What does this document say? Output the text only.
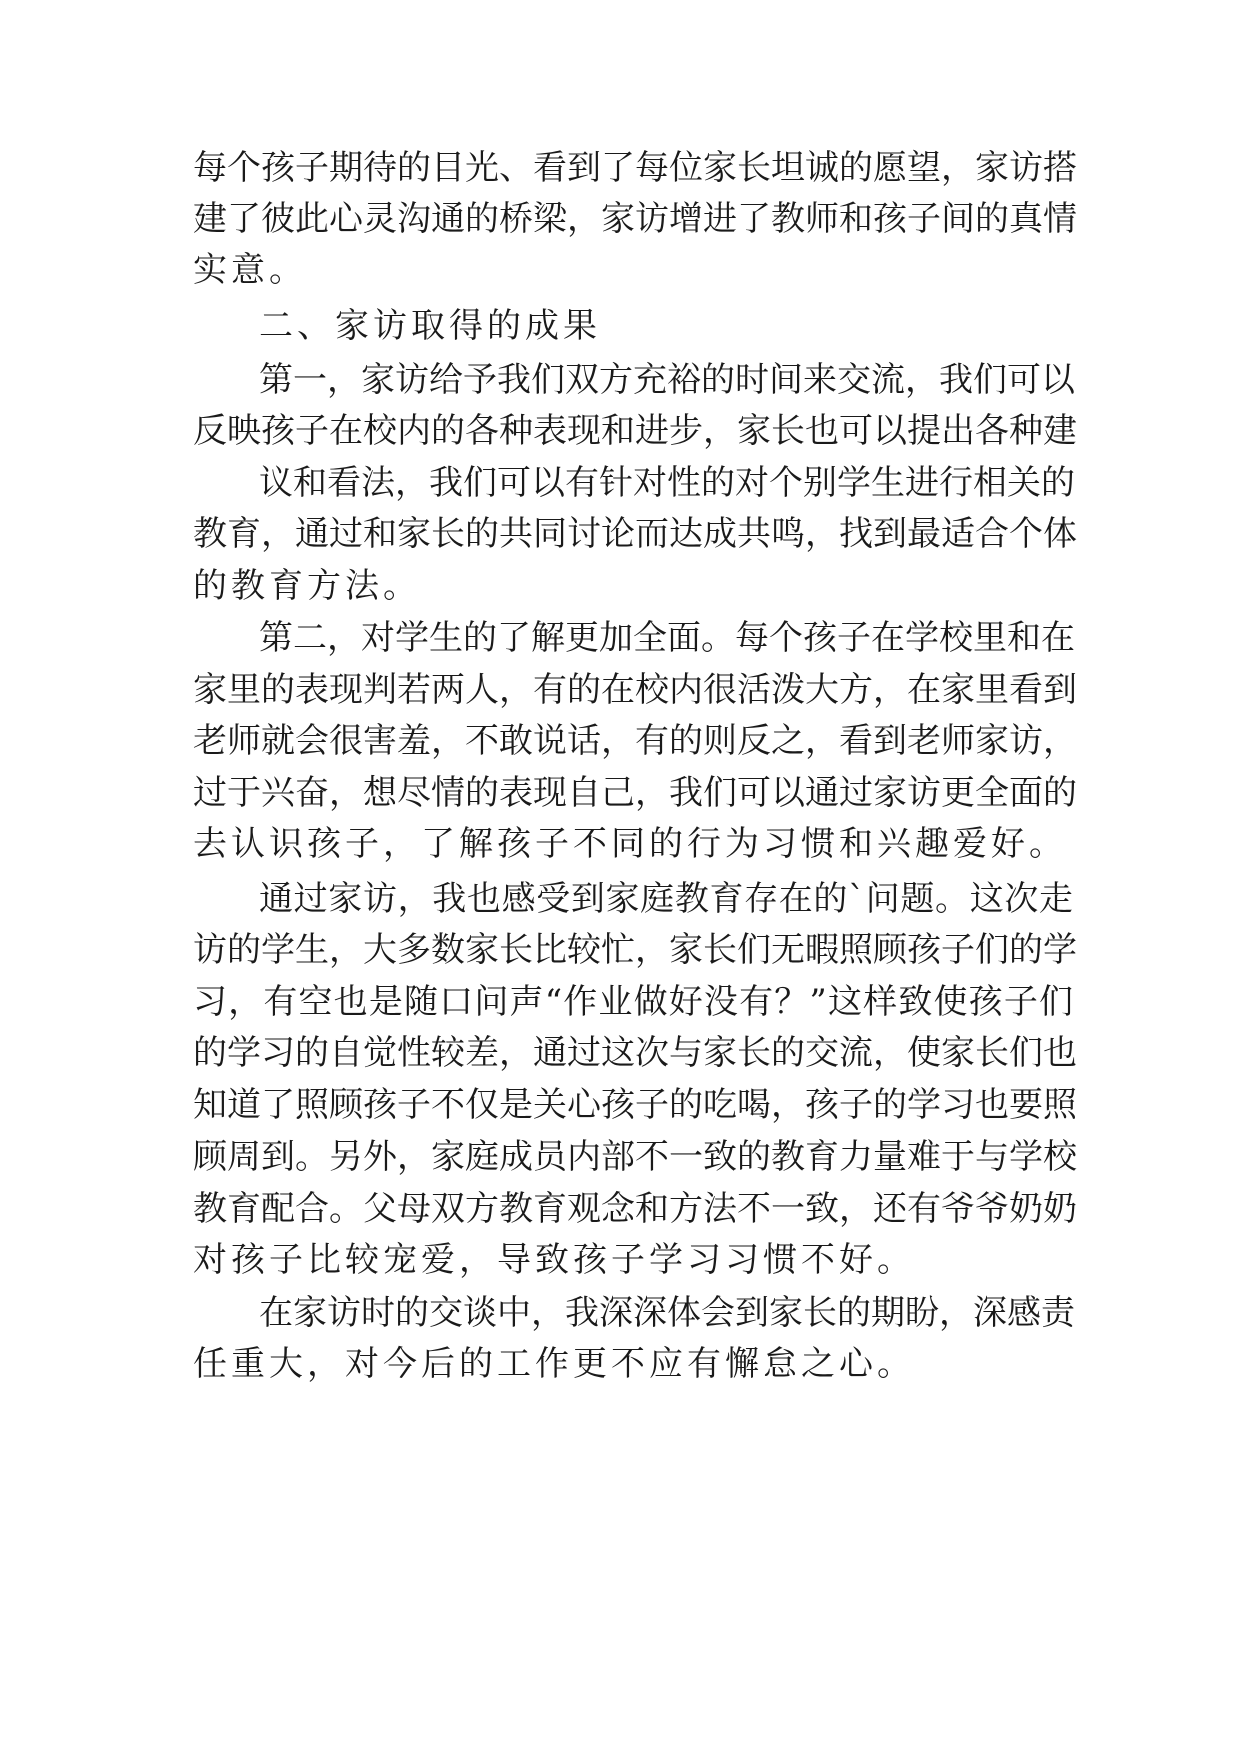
每个孩子期待的目光、看到了每位家长坦诚的愿望，家访搭
建了彼此心灵沟通的桥梁，家访增进了教师和孩子间的真情
实意。
二、家访取得的成果
第一，家访给予我们双方充裕的时间来交流，我们可以
反映孩子在校内的各种表现和进步，家长也可以提出各种建
议和看法，我们可以有针对性的对个别学生进行相关的
教育，通过和家长的共同讨论而达成共鸣，找到最适合个体
的教育方法。
第二，对学生的了解更加全面。每个孩子在学校里和在
家里的表现判若两人，有的在校内很活泼大方，在家里看到
老师就会很害羞，不敢说话，有的则反之，看到老师家访，
过于兴奋，想尽情的表现自己，我们可以通过家访更全面的
去认识孩子，了解孩子不同的行为习惯和兴趣爱好。
通过家访，我也感受到家庭教育存在的`问题。这次走
访的学生，大多数家长比较忙，家长们无暇照顾孩子们的学
习，有空也是随口问声“作业做好没有？”这样致使孩子们
的学习的自觉性较差，通过这次与家长的交流，使家长们也
知道了照顾孩子不仅是关心孩子的吃喝，孩子的学习也要照
顾周到。另外，家庭成员内部不一致的教育力量难于与学校
教育配合。父母双方教育观念和方法不一致，还有爷爷奶奶
对孩子比较宠爱，导致孩子学习习惯不好。
在家访时的交谈中，我深深体会到家长的期盼，深感责
任重大，对今后的工作更不应有懈怠之心。
